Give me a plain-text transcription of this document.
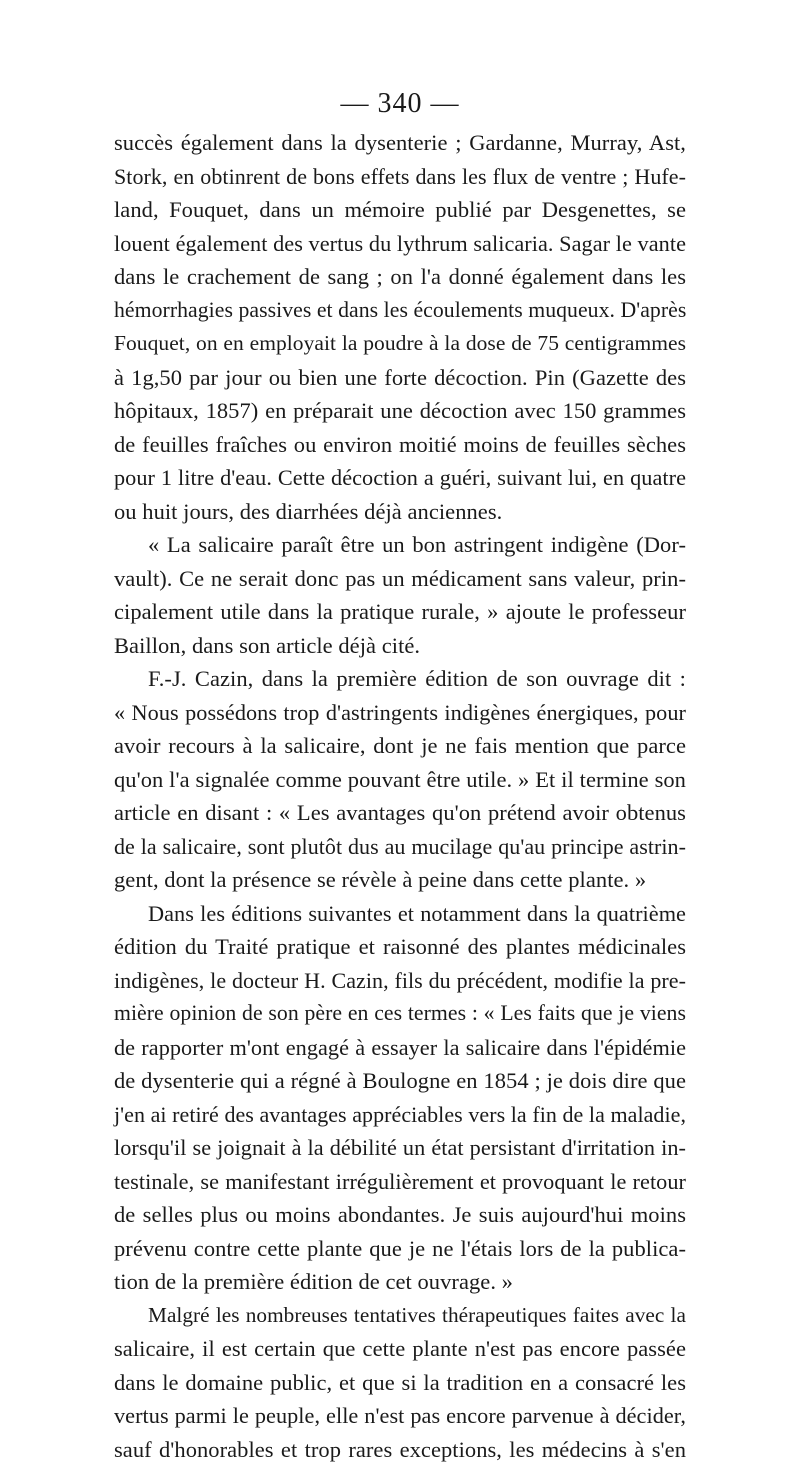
— 340 —
succès également dans la dysenterie ; Gardanne, Murray, Ast,
Stork, en obtinrent de bons effets dans les flux de ventre ; Hufe-
land, Fouquet, dans un mémoire publié par Desgenettes, se
louent également des vertus du lythrum salicaria. Sagar le vante
dans le crachement de sang ; on l'a donné également dans les
hémorrhagies passives et dans les écoulements muqueux. D'après
Fouquet, on en employait la poudre à la dose de 75 centigrammes
à 1g,50 par jour ou bien une forte décoction. Pin (Gazette des
hôpitaux, 1857) en préparait une décoction avec 150 grammes
de feuilles fraîches ou environ moitié moins de feuilles sèches
pour 1 litre d'eau. Cette décoction a guéri, suivant lui, en quatre
ou huit jours, des diarrhées déjà anciennes.
« La salicaire paraît être un bon astringent indigène (Dor-
vault). Ce ne serait donc pas un médicament sans valeur, prin-
cipalement utile dans la pratique rurale, » ajoute le professeur
Baillon, dans son article déjà cité.
F.-J. Cazin, dans la première édition de son ouvrage dit :
« Nous possédons trop d'astringents indigènes énergiques, pour
avoir recours à la salicaire, dont je ne fais mention que parce
qu'on l'a signalée comme pouvant être utile. » Et il termine son
article en disant : « Les avantages qu'on prétend avoir obtenus
de la salicaire, sont plutôt dus au mucilage qu'au principe astrin-
gent, dont la présence se révèle à peine dans cette plante. »
Dans les éditions suivantes et notamment dans la quatrième
édition du Traité pratique et raisonné des plantes médicinales
indigènes, le docteur H. Cazin, fils du précédent, modifie la pre-
mière opinion de son père en ces termes : « Les faits que je viens
de rapporter m'ont engagé à essayer la salicaire dans l'épidémie
de dysenterie qui a régné à Boulogne en 1854 ; je dois dire que
j'en ai retiré des avantages appréciables vers la fin de la maladie,
lorsqu'il se joignait à la débilité un état persistant d'irritation in-
testinale, se manifestant irrégulièrement et provoquant le retour
de selles plus ou moins abondantes. Je suis aujourd'hui moins
prévenu contre cette plante que je ne l'étais lors de la publica-
tion de la première édition de cet ouvrage. »
Malgré les nombreuses tentatives thérapeutiques faites avec la
salicaire, il est certain que cette plante n'est pas encore passée
dans le domaine public, et que si la tradition en a consacré les
vertus parmi le peuple, elle n'est pas encore parvenue à décider,
sauf d'honorables et trop rares exceptions, les médecins à s'en
